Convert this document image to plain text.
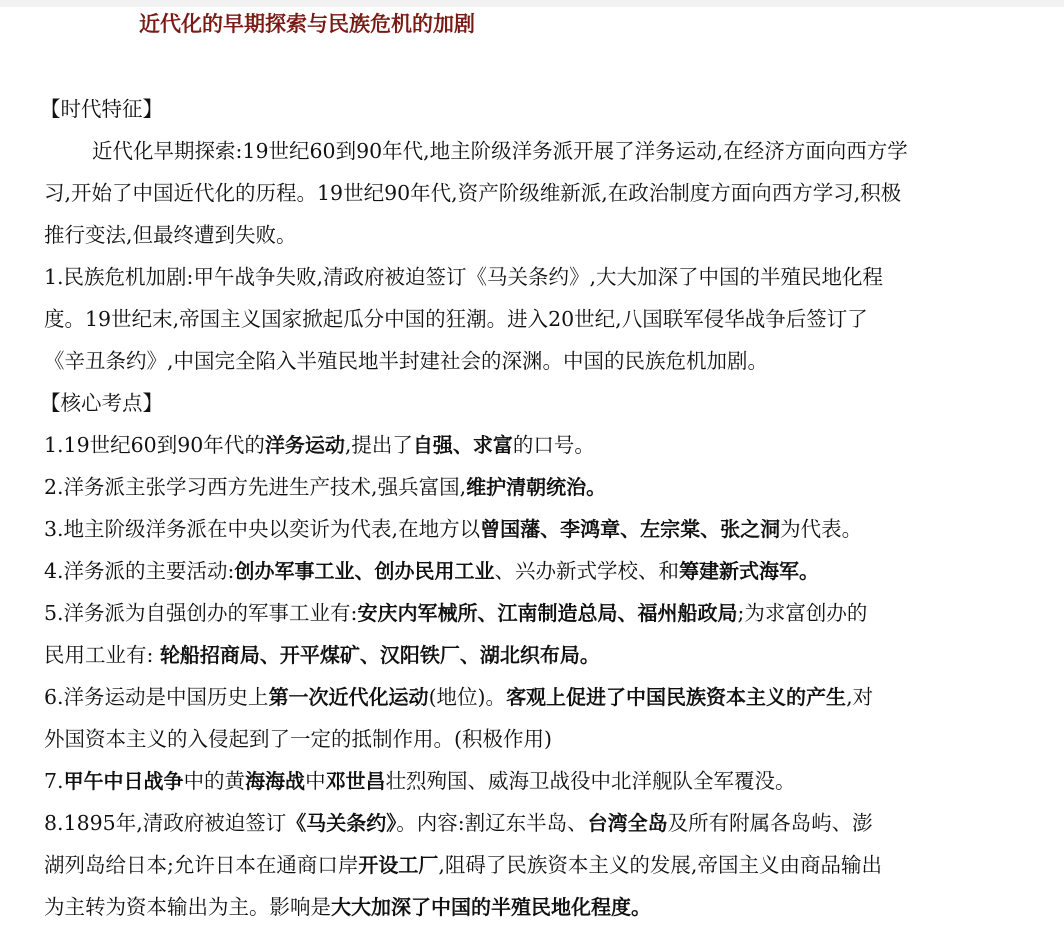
近代化的早期探索与民族危机的加剧
【时代特征】
近代化早期探索:19世纪60到90年代,地主阶级洋务派开展了洋务运动,在经济方面向西方学
习,开始了中国近代化的历程。19世纪90年代,资产阶级维新派,在政治制度方面向西方学习,积极
推行变法,但最终遭到失败。
1.民族危机加剧:甲午战争失败,清政府被迫签订《马关条约》,大大加深了中国的半殖民地化程
度。19世纪末,帝国主义国家掀起瓜分中国的狂潮。进入20世纪,八国联军侵华战争后签订了
《辛丑条约》,中国完全陷入半殖民地半封建社会的深渊。中国的民族危机加剧。
【核心考点】
1.19世纪60到90年代的洋务运动,提出了自强、求富的口号。
2.洋务派主张学习西方先进生产技术,强兵富国,维护清朝统治。
3.地主阶级洋务派在中央以奕䜣为代表,在地方以曾国藩、李鸿章、左宗棠、张之洞为代表。
4.洋务派的主要活动:创办军事工业、创办民用工业、兴办新式学校、和筹建新式海军。
5.洋务派为自强创办的军事工业有:安庆内军械所、江南制造总局、福州船政局;为求富创办的
民用工业有: 轮船招商局、开平煤矿、汉阳铁厂、湖北织布局。
6.洋务运动是中国历史上第一次近代化运动(地位)。客观上促进了中国民族资本主义的产生,对
外国资本主义的入侵起到了一定的抵制作用。(积极作用)
7.甲午中日战争中的黄海海战中邓世昌壮烈殉国、威海卫战役中北洋舰队全军覆没。
8.1895年,清政府被迫签订《马关条约》。内容:割辽东半岛、台湾全岛及所有附属各岛屿、澎
湖列岛给日本;允许日本在通商口岸开设工厂,阻碍了民族资本主义的发展,帝国主义由商品输出
为主转为资本输出为主。影响是大大加深了中国的半殖民地化程度。
